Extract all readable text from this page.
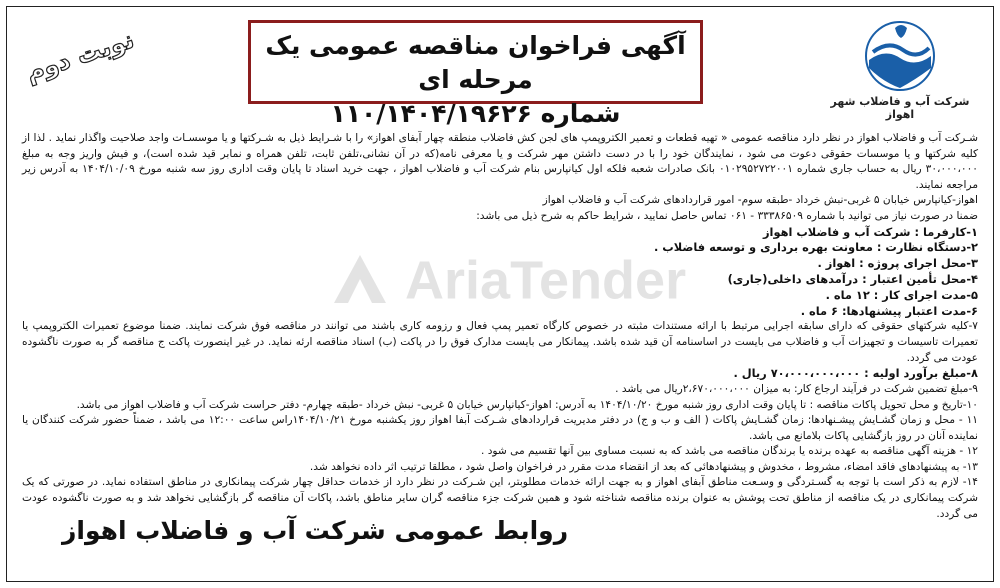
نوبت دوم	آگهی فراخوان مناقصه عمومی یک مرحله ای
شماره ۱۱۰/۱۴۰۴/۱۹۶۲۶	شرکت آب و فاضلاب شهر اهواز
AriaTender

شـرکت آب و فاضلاب اهواز در نظر دارد مناقصه عمومی « تهیه قطعات و تعمیر الکتروپمپ های لجن کش فاضلاب منطقه چهار آبفای اهواز» را با شـرایط ذیل به شـرکتها و یا موسسـات واجد صلاحیت واگذار نماید . لذا از کلیه شرکتها و یا موسسات حقوقی دعوت می شود ، نمایندگان خود را با در دست داشتن مهر شرکت و یا معرفی نامه(که در آن نشانی،تلفن ثابت، تلفن همراه و نمابر قید شده است)، و فیش واریز وجه به مبلغ ۳۰،۰۰۰،۰۰۰ ریال به حساب جاری شماره ۰۱۰۲۹۵۲۷۲۲۰۰۱ بانک صادرات شعبه فلکه اول کیانپارس بنام شرکت آب و فاضلاب اهواز ، جهت خرید اسناد تا پایان وقت اداری روز سه شنبه مورخ ۱۴۰۴/۱۰/۰۹ به آدرس زیر مراجعه نمایند.

اهواز-کیانپارس خیابان ۵ غربی-نبش خرداد -طبقه سوم- امور قراردادهای شرکت آب و فاضلاب اهواز

ضمنا در صورت نیاز می توانید با شماره ۳۳۳۸۶۵۰۹ - ۰۶۱ تماس حاصل نمایید ، شرایط حاکم به شرح ذیل می باشد:

۱-کارفرما : شرکت آب و فاضلاب اهواز

۲-دستگاه نظارت : معاونت بهره برداری و توسعه فاضلاب .

۳-محل اجرای پروژه : اهواز .

۴-محل تأمین اعتبار : درآمدهای داخلی(جاری)

۵-مدت اجرای کار : ۱۲ ماه .

۶-مدت اعتبار پیشنهادها: ۶ ماه .

۷-کلیه شرکتهای حقوقی که دارای سابقه اجرایی مرتبط با ارائه مستندات مثبته در خصوص کارگاه تعمیر پمپ فعال و رزومه کاری باشند می توانند در مناقصه فوق شرکت نمایند. ضمنا موضوع تعمیرات الکتروپمپ یا تعمیرات تاسیسات و تجهیزات آب و فاضلاب می بایست در اساسنامه آن قید شده باشد. پیمانکار می بایست مدارک فوق را در پاکت (ب) اسناد مناقصه ارئه نماید. در غیر اینصورت پاکت ج مناقصه گر به صورت ناگشوده عودت می گردد.

۸-مبلغ برآورد اولیه : ۷۰،۰۰۰،۰۰۰،۰۰۰ ریال .

۹-مبلغ تضمین شرکت در فرآیند ارجاع کار: به میزان ۲،۶۷۰،۰۰۰،۰۰۰ریال می باشد .

۱۰-تاریخ و محل تحویل پاکات مناقصه : تا پایان وقت اداری روز شنبه مورخ ۱۴۰۴/۱۰/۲۰ به آدرس: اهواز-کیانپارس خیابان ۵ غربی- نبش خرداد -طبقه چهارم- دفتر حراست شرکت آب و فاضلاب اهواز می باشد.

۱۱ - محل و زمان گشـایش پیشـنهادها: زمان گشـایش پاکات ( الف و ب و ج) در دفتر مدیریت قراردادهای شـرکت آبفا اهواز روز یکشنبه مورخ ۱۴۰۴/۱۰/۲۱راس ساعت ۱۲:۰۰ می باشد ، ضمناً حضور شرکت کنندگان یا نماینده آنان در روز بازگشایی پاکات بلامانع می باشد.

۱۲ - هزینه آگهی مناقصه به عهده برنده یا برندگان مناقصه می باشد که به نسبت مساوی بین آنها تقسیم می شود .

۱۳- به پیشنهادهای فاقد امضاء، مشروط ، مخدوش و پیشنهادهائی که بعد از انقضاء مدت مقرر در فراخوان واصل شود ، مطلقا ترتیب اثر داده نخواهد شد.

۱۴- لازم به ذکر است با توجه به گسـتردگی و وسـعت مناطق آبفای اهواز و به جهت ارائه خدمات مطلوبتر، این شـرکت در نظر دارد از خدمات حداقل چهار شرکت پیمانکاری در مناطق استفاده نماید. در صورتی که یک شرکت پیمانکاری در یک مناقصه از مناطق تحت پوشش به عنوان برنده مناقصه شناخته شود و همین شرکت جزء مناقصه گران سایر مناطق باشد، پاکات آن مناقصه گر بازگشایی نخواهد شد و به صورت ناگشوده عودت می گردد.

روابط عمومی شرکت آب و فاضلاب اهواز
